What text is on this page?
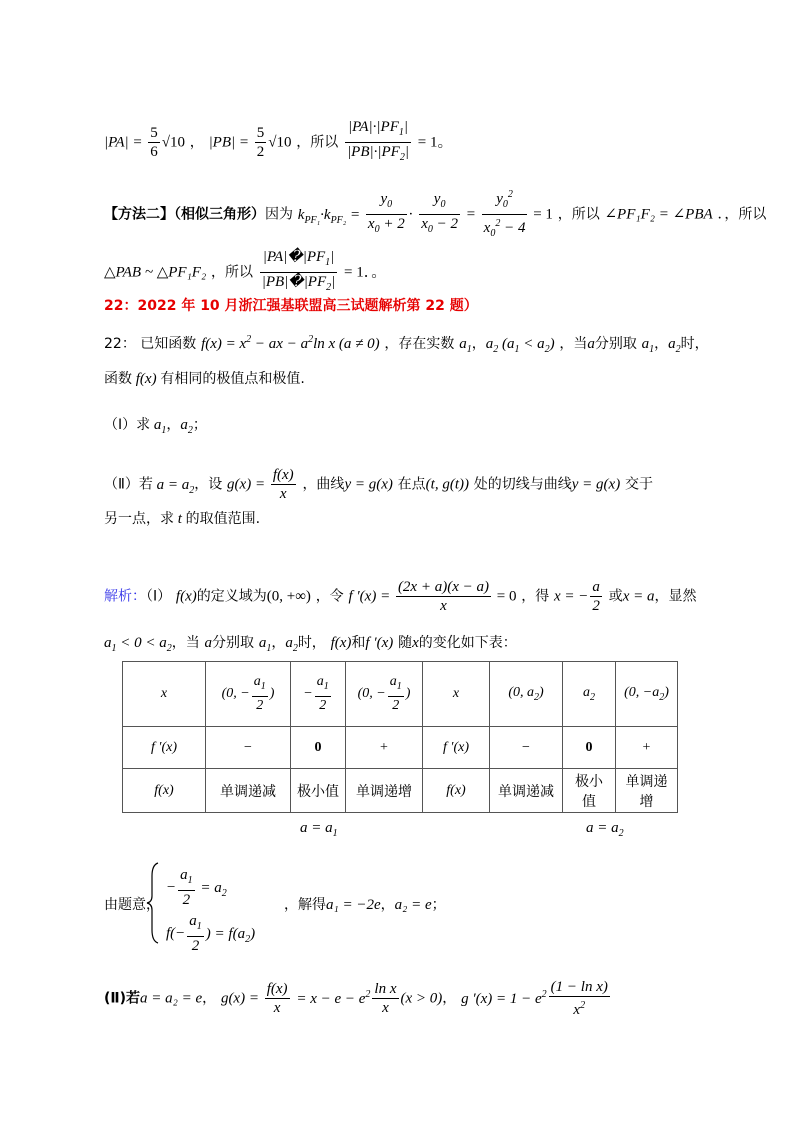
$|PA| = \frac{5}{6} √10$ ， $|PB| = \frac{5}{2} √10$ ，所以 $\frac{|PA|\cdot|PF_1|}{|PB|\cdot|PF_2|} = 1$。
【方法二】（相似三角形）因为 $k_{PF_1}\cdot k_{PF_2} = \frac{y_0}{x_0 + 2} \cdot \frac{y_0}{x_0 - 2} = \frac{y_0^2}{x_0^2 - 4} = 1$ ，所以 ∠PF₁F₂ = ∠PBA ．，所以
△PAB ~ △PF₁F₂ ，所以 $\frac{|PA|�|PF_1|}{|PB|�|PF_2|} = 1$．。
22：2022 年 10 月浙江强基联盟高三试题解析第 22 题）
22： 已知函数 $f(x) = x^2$ − ax − $a^2\ln$ x (a ≠ 0) ，存在实数 $a_1$，$a_2$ $(a_1 < a_2)$ ，当a分别取 $a_1$，$a_2$时，
函数 f(x) 有相同的极值点和极值.
（Ⅰ）求 $a_1$，$a_2$；
（Ⅱ）若 $a = a_2$，设 $g(x) = \frac{f(x)}{x}$ ，曲线y = g(x) 在点(t, g(t)) 处的切线与曲线y = g(x) 交于
另一点，求 t 的取值范围.
解析：（Ⅰ） f(x)的定义域为(0, +∞) ，令 f $'(x) = \frac{(2x + a)(x - a)}{x} = 0$ ，得 x = − $\frac{a}{2}$ 或x = a，显然
$a_1 < 0 < a_2$，当 a分别取 $a_1$，$a_2$时， f(x)和f ′(x) 随x的变化如下表：
x	(0, − $\frac{a_1}{2}$ )	− $\frac{a_1}{2}$	(0, − $\frac{a_1}{2}$ )	x	(0, $a_2$)	$a_2$	(0, $-a_2$)
f ′(x)	−	0	+	f ′(x)	−	0	+
f(x)	单调递减	极小值	单调递增	f(x)	单调递减	极小值	单调递增
$a = a_1$	$a = a_2$
由题意，
− $\frac{a_1}{2} = a_2$
$f(- \frac{a_1}{2}$ ) = $f(a_2)$
，解得a₁ = −2e，a₂ = e；
(Ⅱ)若a = a₂ = e， $g(x) = \frac{f(x)}{x} = x - e - e^2 \frac{\text{ln x}}{x} (x > 0)$， g $'(x) = 1 - e^2 \frac{\text{(1 − ln x)}}{x^2}$
